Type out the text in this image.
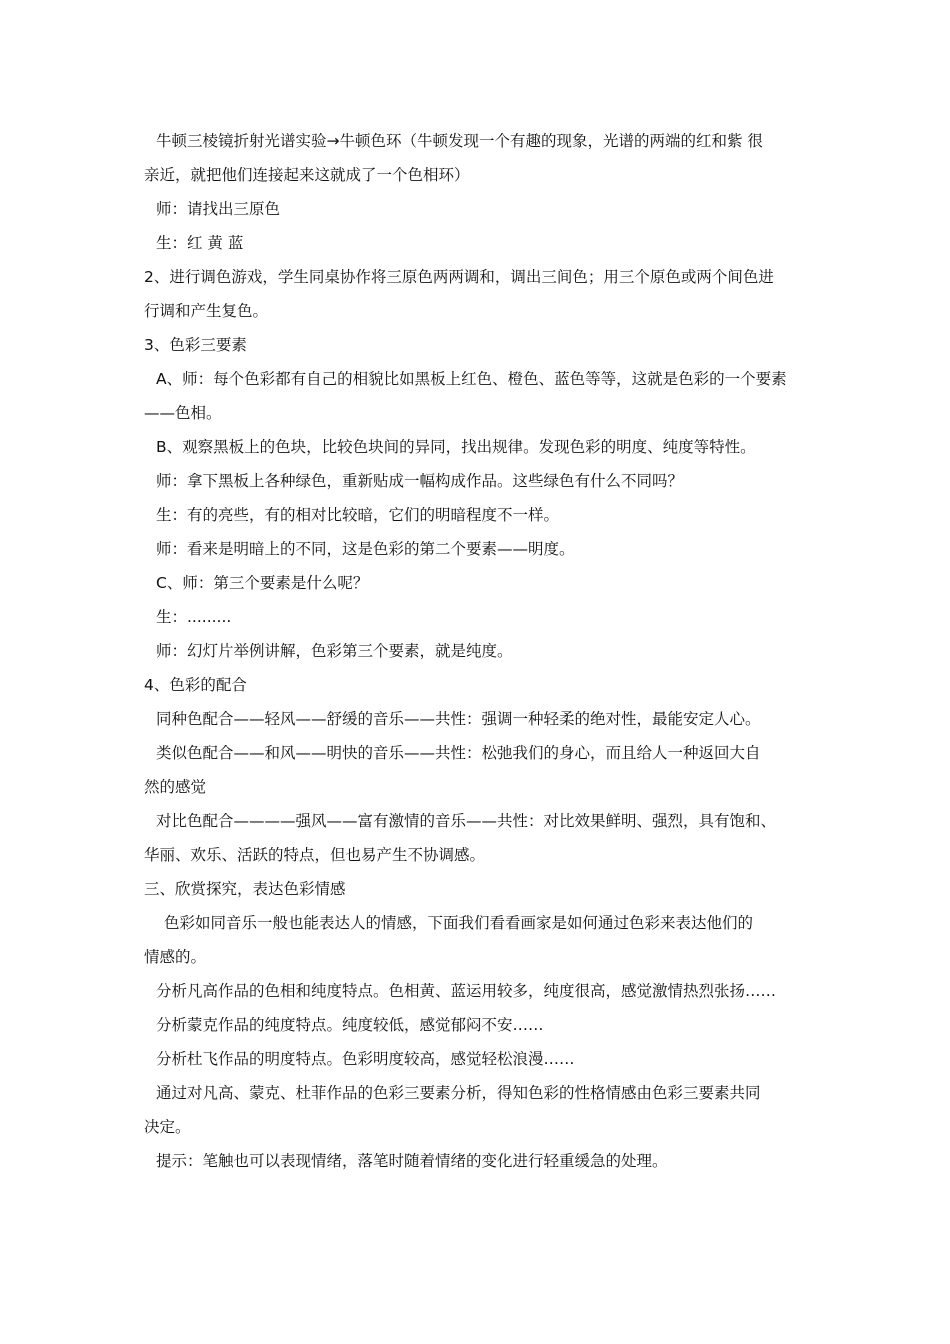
牛顿三棱镜折射光谱实验→牛顿色环（牛顿发现一个有趣的现象，光谱的两端的红和紫 很

亲近，就把他们连接起来这就成了一个色相环）

师：请找出三原色

生：红 黄 蓝

2、进行调色游戏，学生同桌协作将三原色两两调和，调出三间色；用三个原色或两个间色进

行调和产生复色。

3、色彩三要素

A、师：每个色彩都有自己的相貌比如黑板上红色、橙色、蓝色等等，这就是色彩的一个要素

——色相。

B、观察黑板上的色块，比较色块间的异同，找出规律。发现色彩的明度、纯度等特性。

师：拿下黑板上各种绿色，重新贴成一幅构成作品。这些绿色有什么不同吗？

生：有的亮些，有的相对比较暗，它们的明暗程度不一样。

师：看来是明暗上的不同，这是色彩的第二个要素——明度。

C、师：第三个要素是什么呢？

生：.........

师：幻灯片举例讲解，色彩第三个要素，就是纯度。

4、色彩的配合

同种色配合——轻风——舒缓的音乐——共性：强调一种轻柔的绝对性，最能安定人心。

类似色配合——和风——明快的音乐——共性：松弛我们的身心，而且给人一种返回大自

然的感觉

对比色配合————强风——富有激情的音乐——共性：对比效果鲜明、强烈，具有饱和、

华丽、欢乐、活跃的特点，但也易产生不协调感。

三、欣赏探究，表达色彩情感

色彩如同音乐一般也能表达人的情感，下面我们看看画家是如何通过色彩来表达他们的

情感的。

分析凡高作品的色相和纯度特点。色相黄、蓝运用较多，纯度很高，感觉激情热烈张扬……

分析蒙克作品的纯度特点。纯度较低，感觉郁闷不安……

分析杜飞作品的明度特点。色彩明度较高，感觉轻松浪漫……

通过对凡高、蒙克、杜菲作品的色彩三要素分析，得知色彩的性格情感由色彩三要素共同

决定。

提示：笔触也可以表现情绪，落笔时随着情绪的变化进行轻重缓急的处理。
